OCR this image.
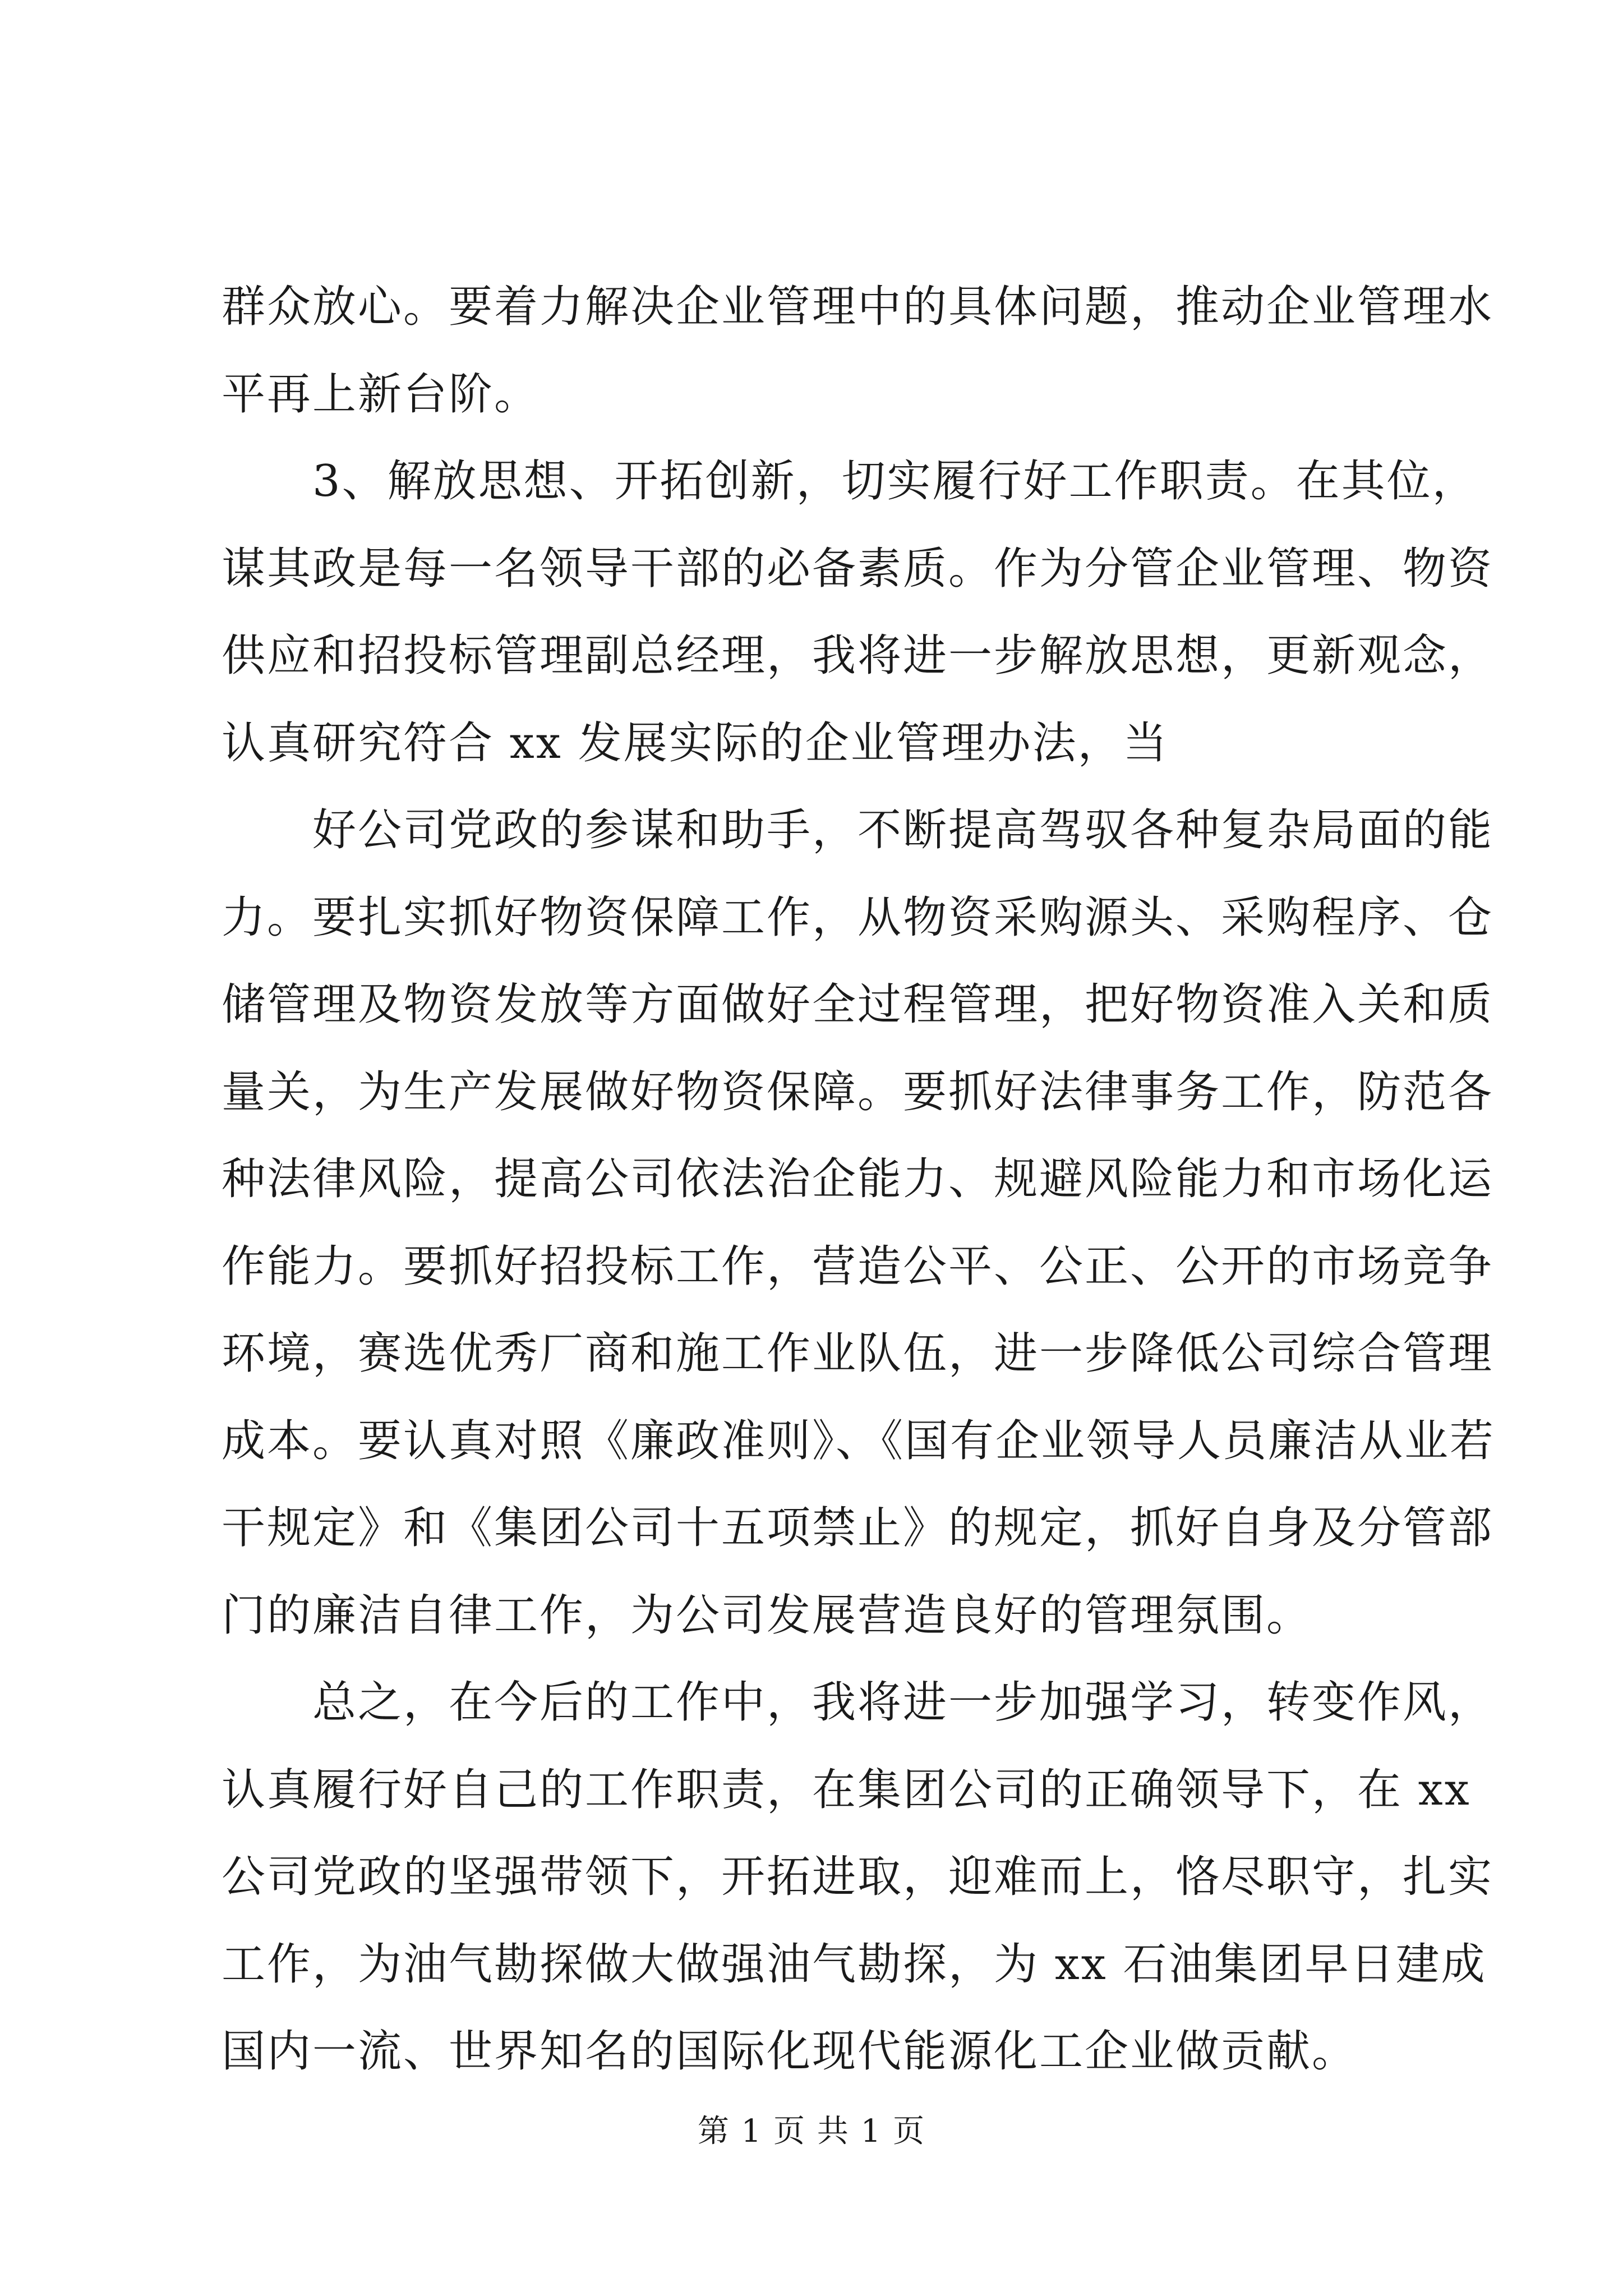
群众放心。要着力解决企业管理中的具体问题，推动企业管理水
平再上新台阶。
　　3、解放思想、开拓创新，切实履行好工作职责。在其位，
谋其政是每一名领导干部的必备素质。作为分管企业管理、物资
供应和招投标管理副总经理，我将进一步解放思想，更新观念，
认真研究符合 xx 发展实际的企业管理办法，当
　　好公司党政的参谋和助手，不断提高驾驭各种复杂局面的能
力。要扎实抓好物资保障工作，从物资采购源头、采购程序、仓
储管理及物资发放等方面做好全过程管理，把好物资准入关和质
量关，为生产发展做好物资保障。要抓好法律事务工作，防范各
种法律风险，提高公司依法治企能力、规避风险能力和市场化运
作能力。要抓好招投标工作，营造公平、公正、公开的市场竞争
环境，赛选优秀厂商和施工作业队伍，进一步降低公司综合管理
成本。要认真对照《廉政准则》、《国有企业领导人员廉洁从业若
干规定》和《集团公司十五项禁止》的规定，抓好自身及分管部
门的廉洁自律工作，为公司发展营造良好的管理氛围。
　　总之，在今后的工作中，我将进一步加强学习，转变作风，
认真履行好自己的工作职责，在集团公司的正确领导下，在 xx
公司党政的坚强带领下，开拓进取，迎难而上，恪尽职守，扎实
工作，为油气勘探做大做强油气勘探，为 xx 石油集团早日建成
国内一流、世界知名的国际化现代能源化工企业做贡献。
第 1 页 共 1 页
